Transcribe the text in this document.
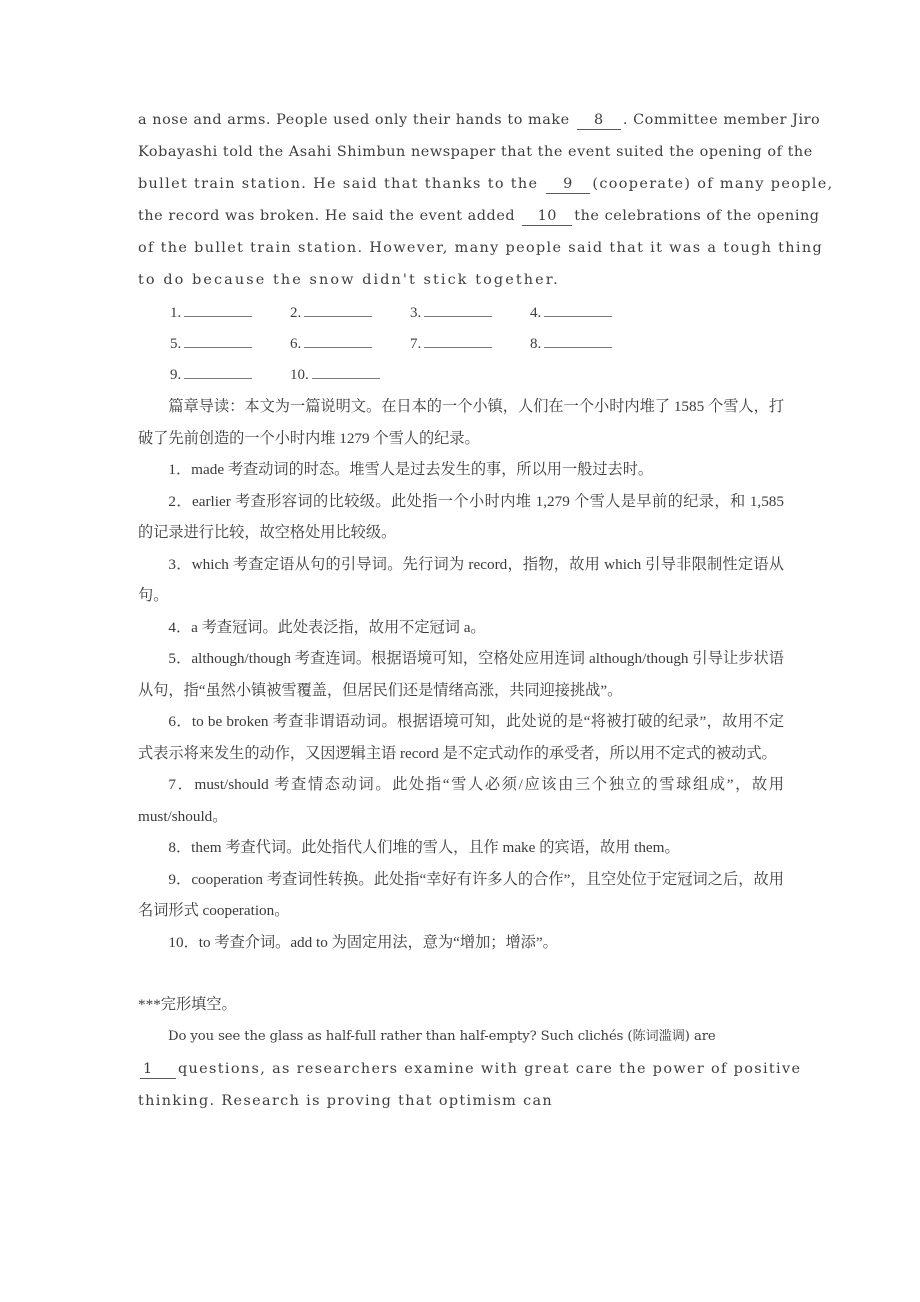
a nose and arms. People used only their hands to make 8 . Committee member Jiro
Kobayashi told the Asahi Shimbun newspaper that the event suited the opening of the
bullet train station. He said that thanks to the 9 (cooperate) of many people,
the record was broken. He said the event added 10 the celebrations of the opening
of the bullet train station. However, many people said that it was a tough thing
to do because the snow didn't stick together.
1.	2.	3.	4.
5.	6.	7.	8.
9.	10.

篇章导读：本文为一篇说明文。在日本的一个小镇，人们在一个小时内堆了 1585 个雪人，打破了先前创造的一个小时内堆 1279 个雪人的纪录。

1．made 考查动词的时态。堆雪人是过去发生的事，所以用一般过去时。

2．earlier 考查形容词的比较级。此处指一个小时内堆 1,279 个雪人是早前的纪录，和 1,585 的记录进行比较，故空格处用比较级。

3．which 考查定语从句的引导词。先行词为 record，指物，故用 which 引导非限制性定语从句。

4．a 考查冠词。此处表泛指，故用不定冠词 a。

5．although/though 考查连词。根据语境可知，空格处应用连词 although/though 引导让步状语从句，指“虽然小镇被雪覆盖，但居民们还是情绪高涨，共同迎接挑战”。

6．to be broken 考查非谓语动词。根据语境可知，此处说的是“将被打破的纪录”，故用不定式表示将来发生的动作，又因逻辑主语 record 是不定式动作的承受者，所以用不定式的被动式。

7．must/should 考查情态动词。此处指“雪人必须/应该由三个独立的雪球组成”，故用 must/should。

8．them 考查代词。此处指代人们堆的雪人，且作 make 的宾语，故用 them。

9．cooperation 考查词性转换。此处指“幸好有许多人的合作”，且空处位于定冠词之后，故用名词形式 cooperation。

10．to 考查介词。add to 为固定用法，意为“增加；增添”。

***完形填空。

Do you see the glass as half-full rather than half-empty? Such clichés (陈词滥调) are
1 questions, as researchers examine with great care the power of positive
thinking. Research is proving that optimism can
